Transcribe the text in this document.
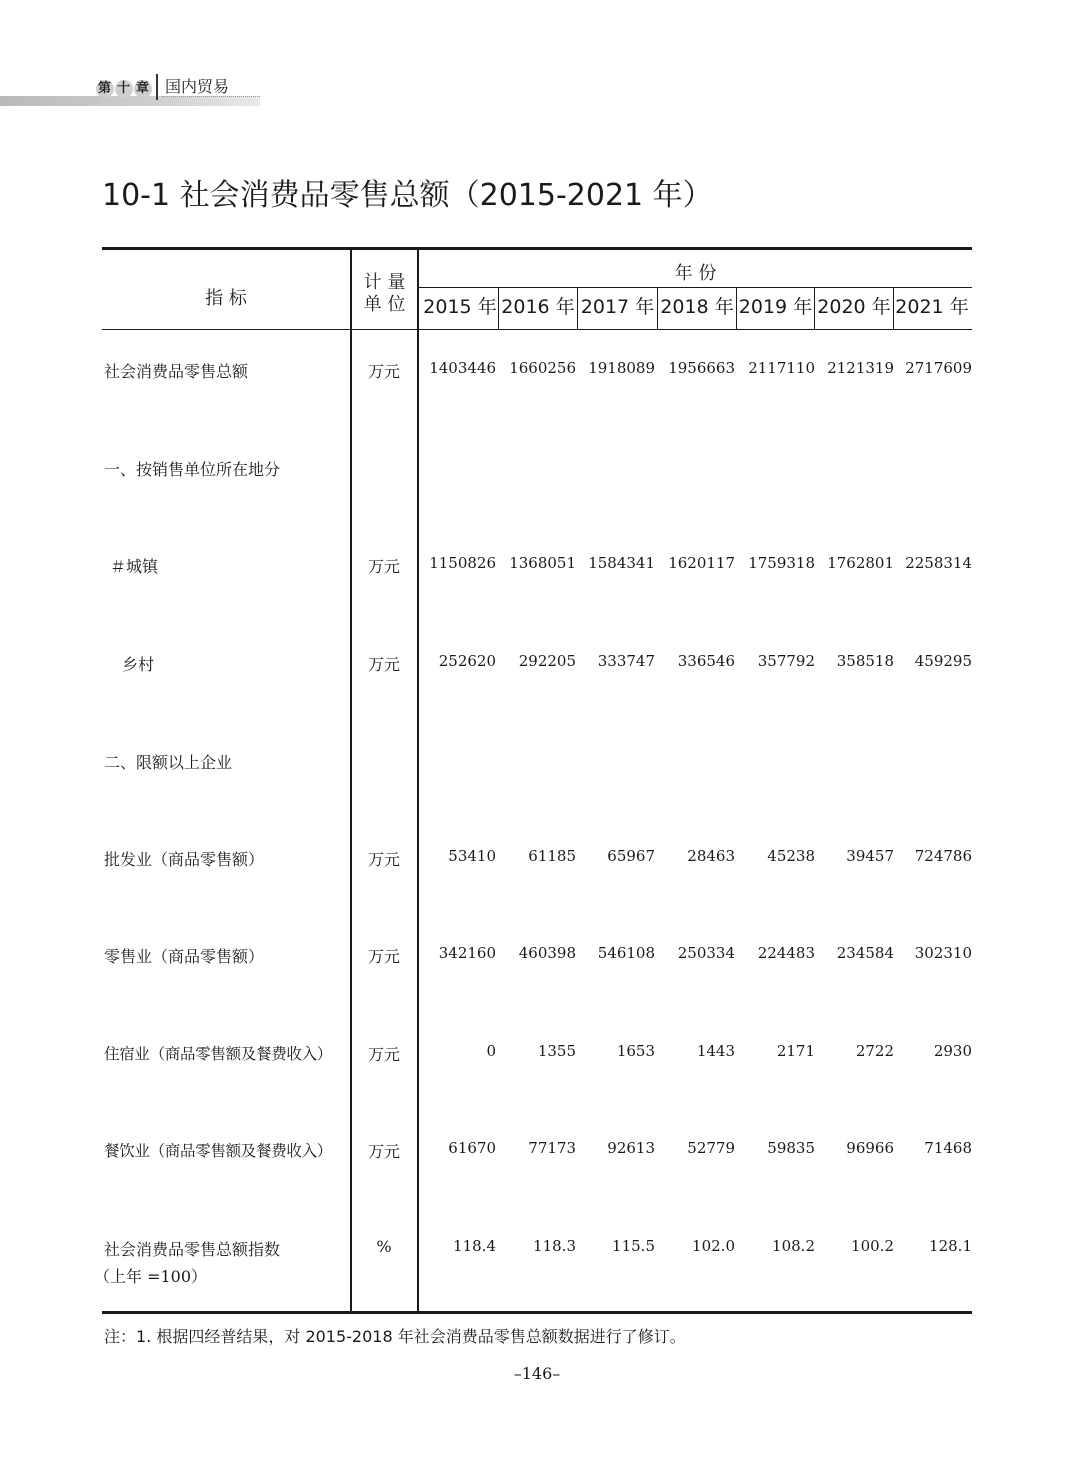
第 十 章 国内贸易
10-1 社会消费品零售总额（2015-2021 年）
指 标
计 量
单 位
年 份
2015 年 2016 年 2017 年 2018 年 2019 年 2020 年 2021 年
社会消费品零售总额	万元	1403446 1660256 1918089 1956663 2117110 2121319 2717609
一、按销售单位所在地分
＃城镇	万元	1150826 1368051 1584341 1620117 1759318 1762801 2258314
乡村	万元	252620	292205	333747	336546	357792	358518	459295
二、限额以上企业
批发业（商品零售额）	万元	53410	61185	65967	28463	45238	39457	724786
零售业（商品零售额）	万元	342160	460398	546108	250334	224483	234584	302310
住宿业（商品零售额及餐费收入）	万元	0	1355	1653	1443	2171	2722	2930
餐饮业（商品零售额及餐费收入）	万元	61670	77173	92613	52779	59835	96966	71468
社会消费品零售总额指数
（上年 =100）
%	118.4	118.3	115.5	102.0	108.2	100.2	128.1
注：1. 根据四经普结果，对 2015-2018 年社会消费品零售总额数据进行了修订。
–146–
